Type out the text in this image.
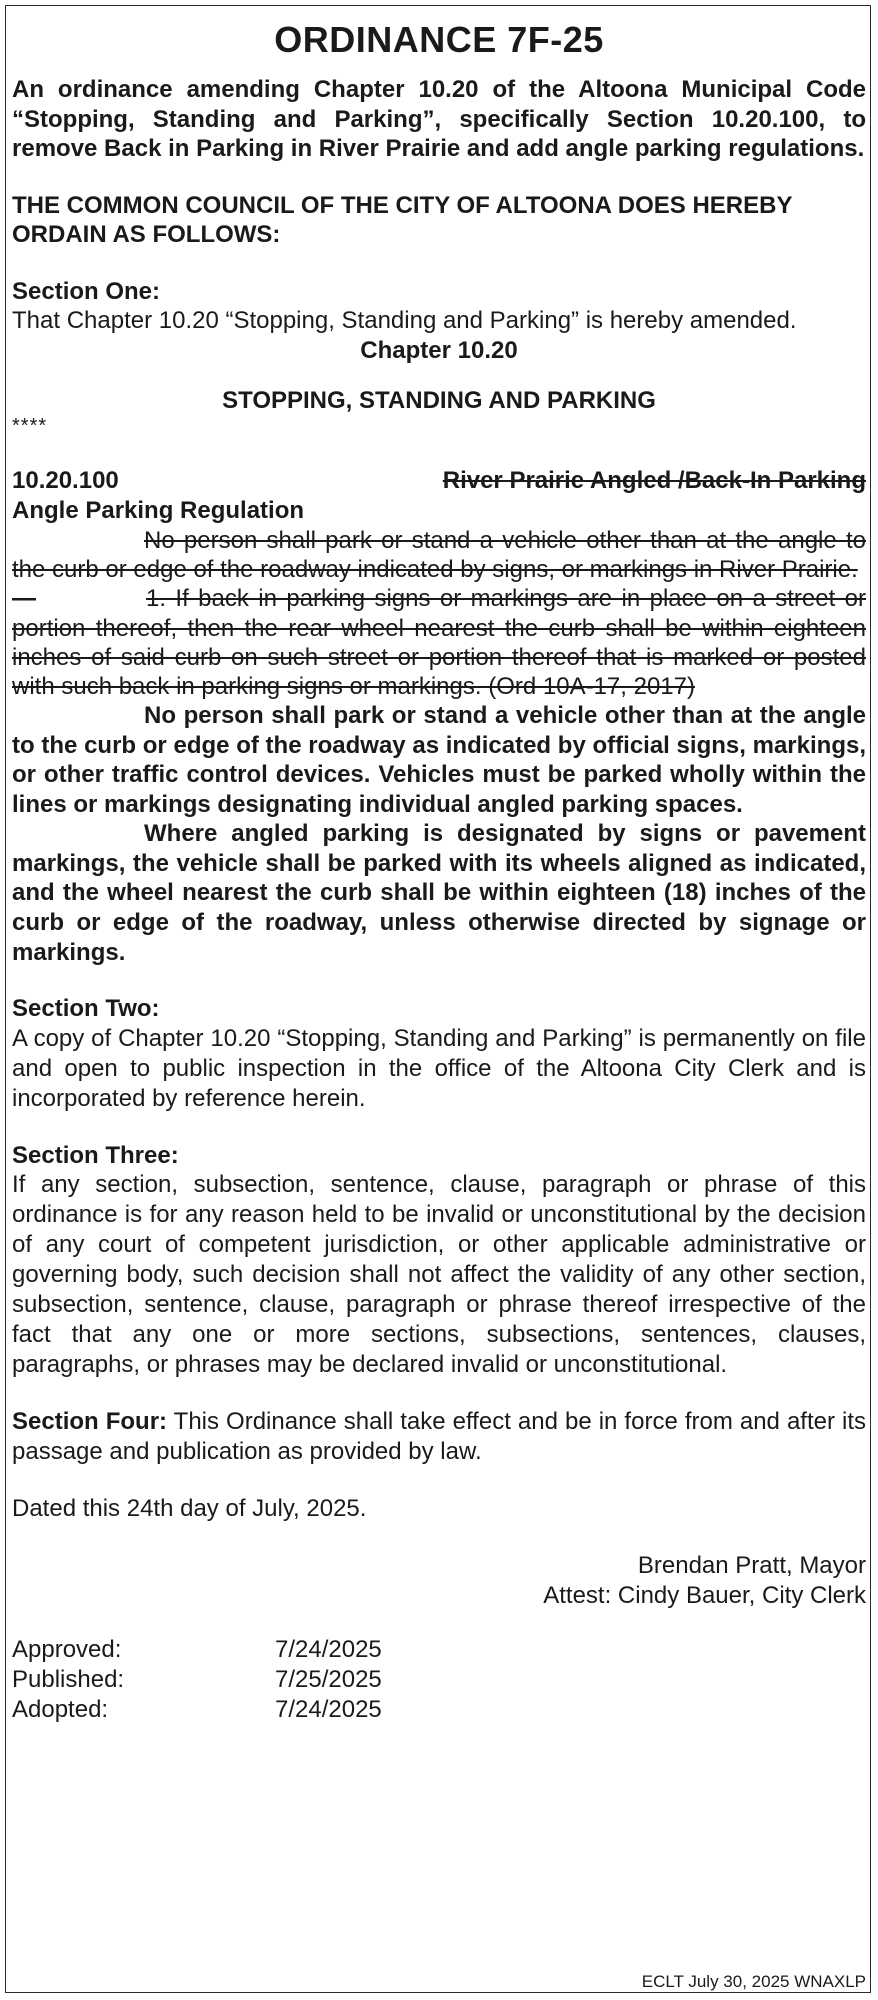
ORDINANCE 7F-25

An ordinance amending Chapter 10.20 of the Altoona Municipal Code “Stopping, Standing and Parking”, specifically Section 10.20.100, to remove Back in Parking in River Prairie and add angle parking regulations.

THE COMMON COUNCIL OF THE CITY OF ALTOONA DOES HEREBY ORDAIN AS FOLLOWS:

Section One:

That Chapter 10.20 “Stopping, Standing and Parking” is hereby amended.

Chapter 10.20

STOPPING, STANDING AND PARKING

****

10.20.100	River Prairie Angled /Back-In Parking

Angle Parking Regulation

No person shall park or stand a vehicle other than at the angle to the curb or edge of the roadway indicated by signs, or markings in River Prairie.

—	1. If back in parking signs or markings are in place on a street or portion thereof, then the rear wheel nearest the curb shall be within eighteen inches of said curb on such street or portion thereof that is marked or posted with such back in parking signs or markings. (Ord 10A-17, 2017)

No person shall park or stand a vehicle other than at the angle to the curb or edge of the roadway as indicated by official signs, markings, or other traffic control devices. Vehicles must be parked wholly within the lines or markings designating individual angled parking spaces.

Where angled parking is designated by signs or pavement markings, the vehicle shall be parked with its wheels aligned as indicated, and the wheel nearest the curb shall be within eighteen (18) inches of the curb or edge of the roadway, unless otherwise directed by signage or markings.

Section Two:

A copy of Chapter 10.20 “Stopping, Standing and Parking” is permanently on file and open to public inspection in the office of the Altoona City Clerk and is incorporated by reference herein.

Section Three:

If any section, subsection, sentence, clause, paragraph or phrase of this ordinance is for any reason held to be invalid or unconstitutional by the decision of any court of competent jurisdiction, or other applicable administrative or governing body, such decision shall not affect the validity of any other section, subsection, sentence, clause, paragraph or phrase thereof irrespective of the fact that any one or more sections, subsections, sentences, clauses, paragraphs, or phrases may be declared invalid or unconstitutional.

Section Four: This Ordinance shall take effect and be in force from and after its passage and publication as provided by law.

Dated this 24th day of July, 2025.

Brendan Pratt, Mayor

Attest: Cindy Bauer, City Clerk

Approved:	7/24/2025
Published:	7/25/2025
Adopted:	7/24/2025

ECLT July 30, 2025 WNAXLP
